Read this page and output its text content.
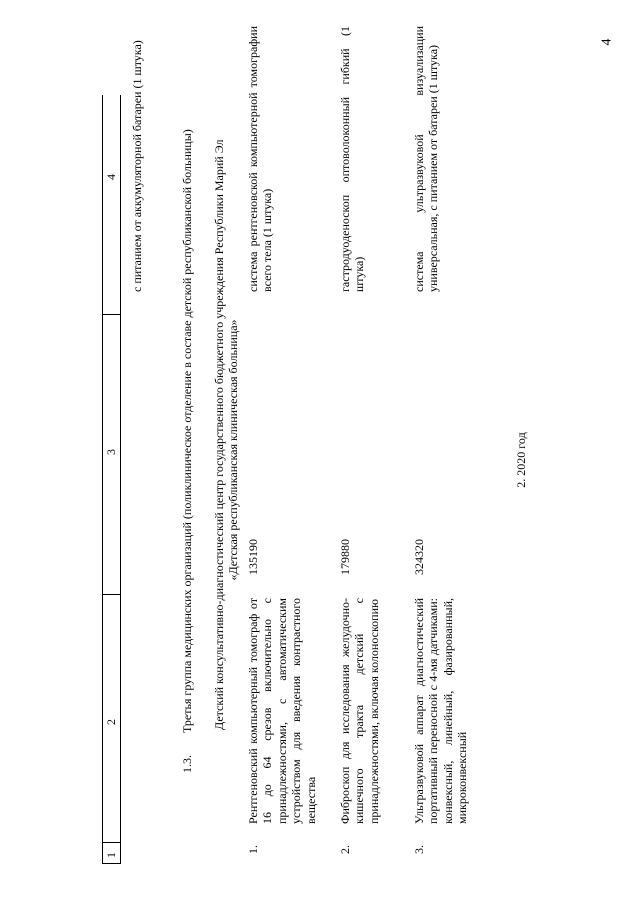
4
1
2
3
4 с питанием от аккумуляторной батареи (1 штука)
1.3.
Третья группа медицинских организаций (поликлиническое отделение в составе детской республиканской больницы) Детский консультативно-диагностический центр государственного бюджетного учреждения Республики Марий Эл «Детская республиканская клиническая больница»
1.
Рентгеновский компьютерный томограф от 16 до 64 срезов включительно с принадлежностями, с автоматическим устройством для введения контрастного вещества
135190
система рентгеновской компьютерной томографии всего тела (1 штука)
2.
Фиброскоп для исследования желудочно-кишечного тракта детский с принадлежностями, включая колоноскопию
179880
гастродуоденоскоп оптоволоконный гибкий (1 штука)
3.
Ультразвуковой аппарат диагностический портативный переносной с 4-мя датчиками: конвексный, линейный, фазированный, микроконвексный
324320
система ультразвуковой визуализации универсальная, с питанием от батареи (1 штука)
2. 2020 год
